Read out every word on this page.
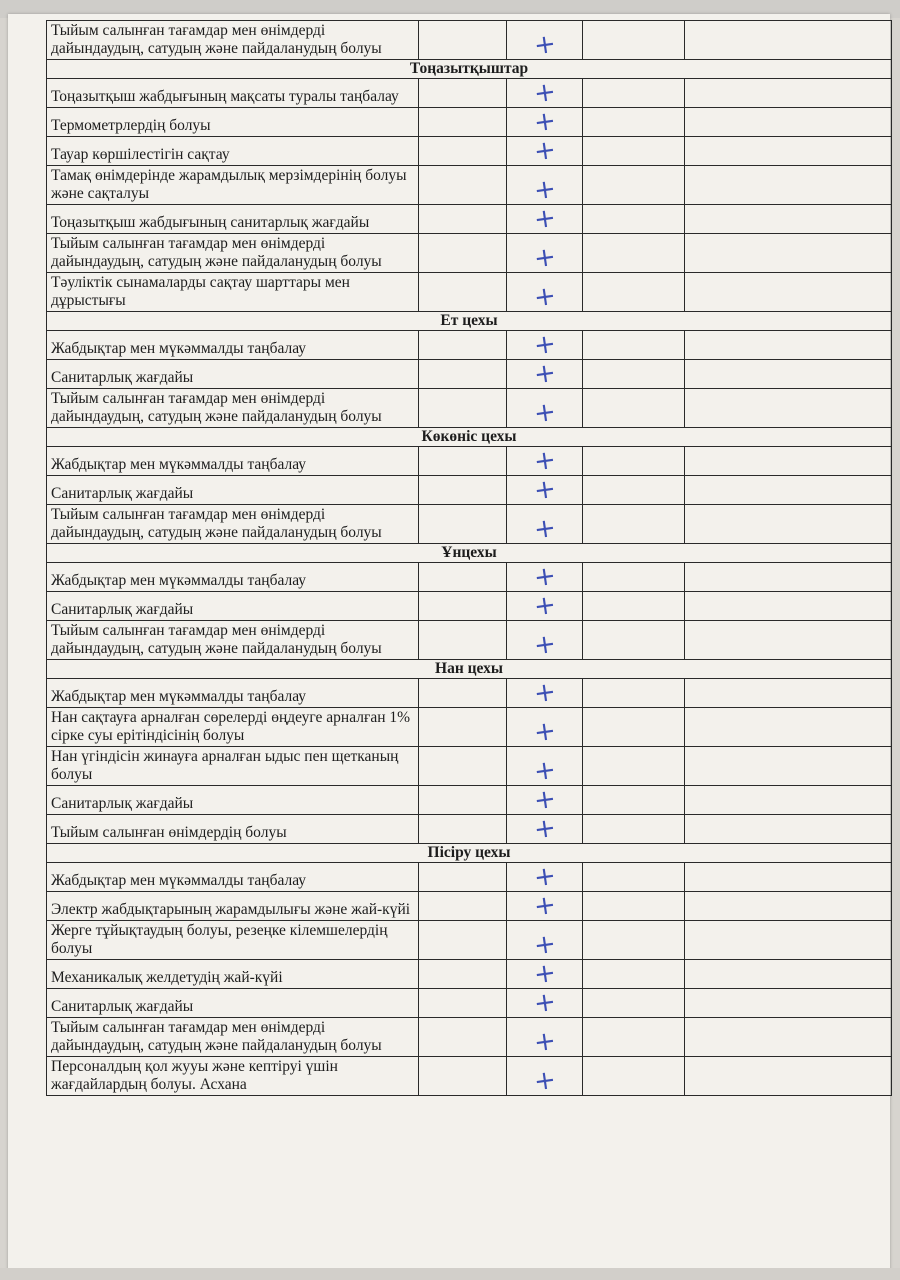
Тыйым салынған тағамдар мен өнімдерді дайындаудың, сатудың және пайдаланудың болуы		+		
Тоңазытқыштар				
Тоңазытқыш жабдығының мақсаты туралы таңбалау		+		
Термометрлердің болуы		+		
Тауар көршілестігін сақтау		+		
Тамақ өнімдерінде жарамдылық мерзімдерінің болуы және сақталуы		+		
Тоңазытқыш жабдығының санитарлық жағдайы		+		
Тыйым салынған тағамдар мен өнімдерді дайындаудың, сатудың және пайдаланудың болуы		+		
Тәуліктік сынамаларды сақтау шарттары мен дұрыстығы		+		
Ет цехы				
Жабдықтар мен мүкәммалды таңбалау		+		
Санитарлық жағдайы		+		
Тыйым салынған тағамдар мен өнімдерді дайындаудың, сатудың және пайдаланудың болуы		+		
Көкөніс цехы				
Жабдықтар мен мүкәммалды таңбалау		+		
Санитарлық жағдайы		+		
Тыйым салынған тағамдар мен өнімдерді дайындаудың, сатудың және пайдаланудың болуы		+		
Ұнцехы				
Жабдықтар мен мүкәммалды таңбалау		+		
Санитарлық жағдайы		+		
Тыйым салынған тағамдар мен өнімдерді дайындаудың, сатудың және пайдаланудың болуы		+		
Нан цехы				
Жабдықтар мен мүкәммалды таңбалау		+		
Нан сақтауға арналған сөрелерді өңдеуге арналған 1% сірке суы ерітіндісінің болуы		+		
Нан үгіндісін жинауға арналған ыдыс пен щетканың болуы		+		
Санитарлық жағдайы		+		
Тыйым салынған өнімдердің болуы		+		
Пісіру цехы				
Жабдықтар мен мүкәммалды таңбалау		+		
Электр жабдықтарының жарамдылығы және жай-күйі		+		
Жерге тұйықтаудың болуы, резеңке кілемшелердің болуы		+		
Механикалық желдетудің жай-күйі		+		
Санитарлық жағдайы		+		
Тыйым салынған тағамдар мен өнімдерді дайындаудың, сатудың және пайдаланудың болуы		+		
Персоналдың қол жууы және кептіруі үшін жағдайлардың болуы. Асхана		+		
